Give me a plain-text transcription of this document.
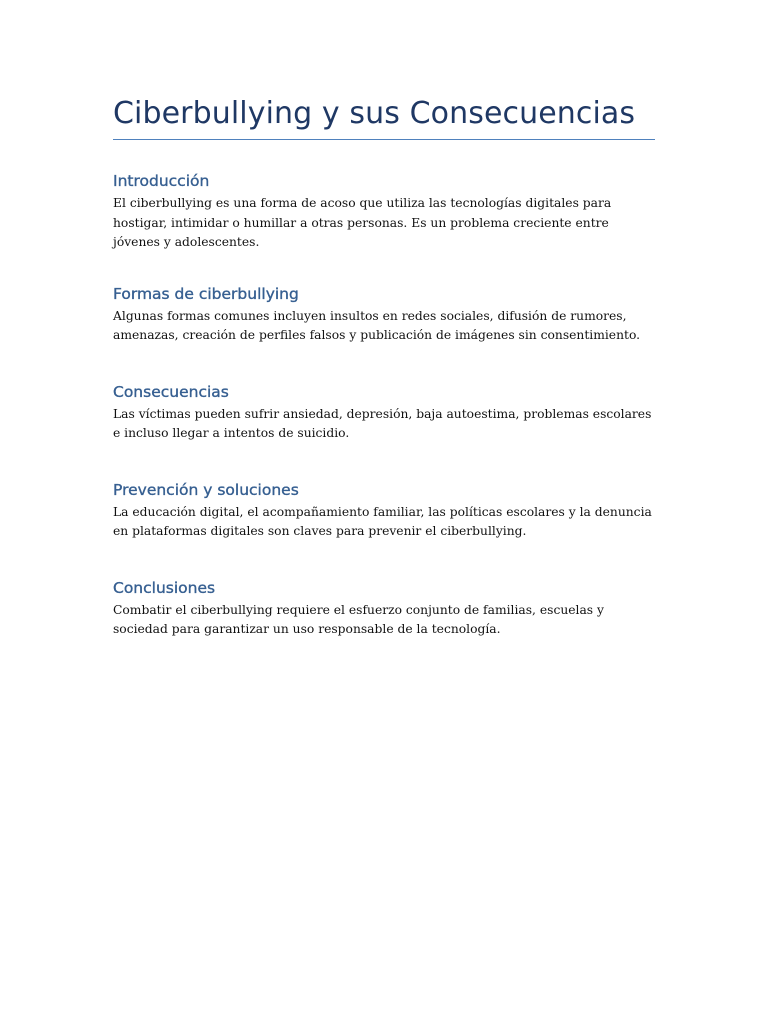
Ciberbullying y sus Consecuencias
Introducción

El ciberbullying es una forma de acoso que utiliza las tecnologías digitales para hostigar, intimidar o humillar a otras personas. Es un problema creciente entre jóvenes y adolescentes.

Formas de ciberbullying

Algunas formas comunes incluyen insultos en redes sociales, difusión de rumores, amenazas, creación de perfiles falsos y publicación de imágenes sin consentimiento.

Consecuencias

Las víctimas pueden sufrir ansiedad, depresión, baja autoestima, problemas escolares e incluso llegar a intentos de suicidio.

Prevención y soluciones

La educación digital, el acompañamiento familiar, las políticas escolares y la denuncia en plataformas digitales son claves para prevenir el ciberbullying.

Conclusiones

Combatir el ciberbullying requiere el esfuerzo conjunto de familias, escuelas y sociedad para garantizar un uso responsable de la tecnología.
